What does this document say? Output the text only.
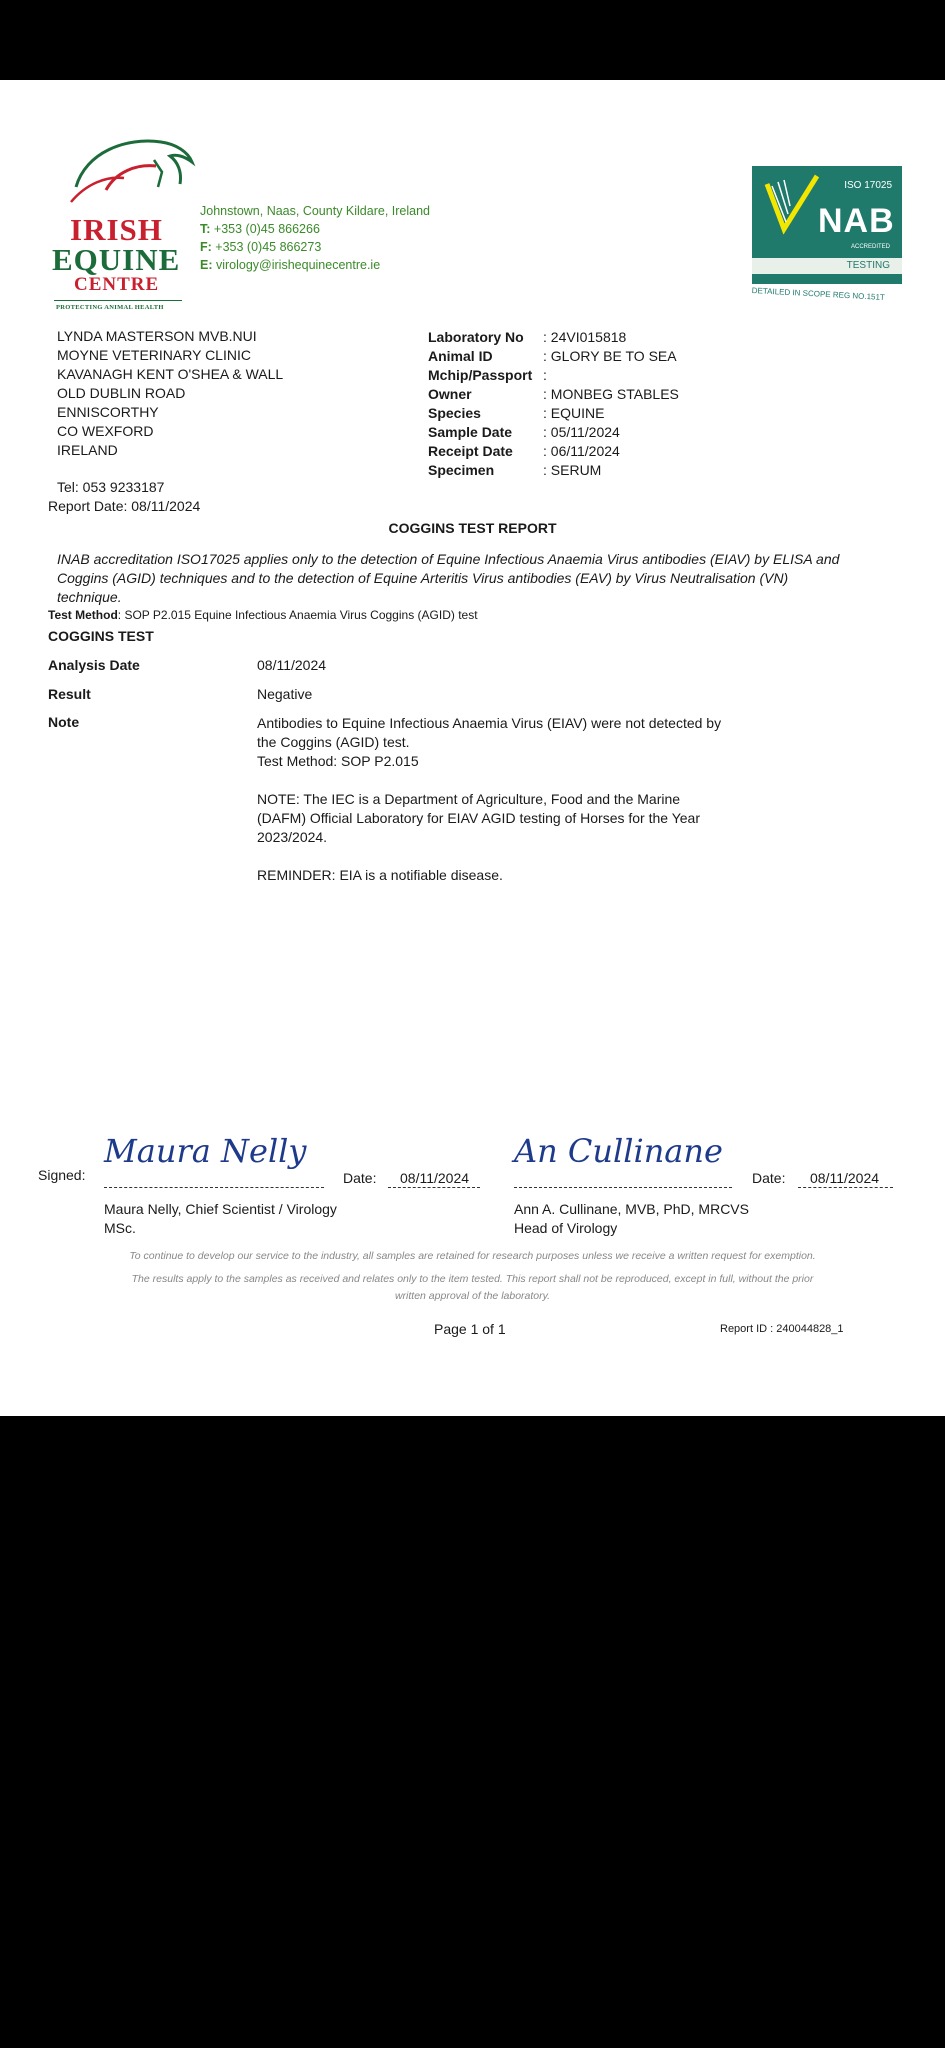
IRISH
EQUINE
CENTRE
PROTECTING ANIMAL HEALTH
Johnstown, Naas, County Kildare, Ireland
T: +353 (0)45 866266
F: +353 (0)45 866273
E: virology@irishequinecentre.ie
ISO 17025
NAB
ACCREDITED
TESTING
DETAILED IN SCOPE REG NO.151T
LYNDA MASTERSON MVB.NUI
MOYNE VETERINARY CLINIC
KAVANAGH KENT O'SHEA & WALL
OLD DUBLIN ROAD
ENNISCORTHY
CO WEXFORD
IRELAND
Tel: 053 9233187
Report Date: 08/11/2024
Laboratory No : 24VI015818
Animal ID	: GLORY BE TO SEA
Mchip/Passport :
Owner	: MONBEG STABLES
Species	: EQUINE
Sample Date : 05/11/2024
Receipt Date : 06/11/2024
Specimen	: SERUM
COGGINS TEST REPORT
INAB accreditation ISO17025 applies only to the detection of Equine Infectious Anaemia Virus antibodies (EIAV) by ELISA and Coggins (AGID) techniques and to the detection of Equine Arteritis Virus antibodies (EAV) by Virus Neutralisation (VN) technique.
Test Method: SOP P2.015 Equine Infectious Anaemia Virus Coggins (AGID) test
COGGINS TEST
Analysis Date	08/11/2024
Result	Negative
Note	Antibodies to Equine Infectious Anaemia Virus (EIAV) were not detected by
the Coggins (AGID) test.
Test Method: SOP P2.015
NOTE: The IEC is a Department of Agriculture, Food and the Marine
(DAFM) Official Laboratory for EIAV AGID testing of Horses for the Year
2023/2024.
REMINDER: EIA is a notifiable disease.
Signed:
Maura Nelly
Date: 08/11/2024
Maura Nelly, Chief Scientist / Virology
MSc.
An Cullinane
Date: 08/11/2024
Ann A. Cullinane, MVB, PhD, MRCVS
Head of Virology
To continue to develop our service to the industry, all samples are retained for research purposes unless we receive a written request for exemption.
The results apply to the samples as received and relates only to the item tested. This report shall not be reproduced, except in full, without the prior
written approval of the laboratory.
Page 1 of 1	Report ID : 240044828_1
